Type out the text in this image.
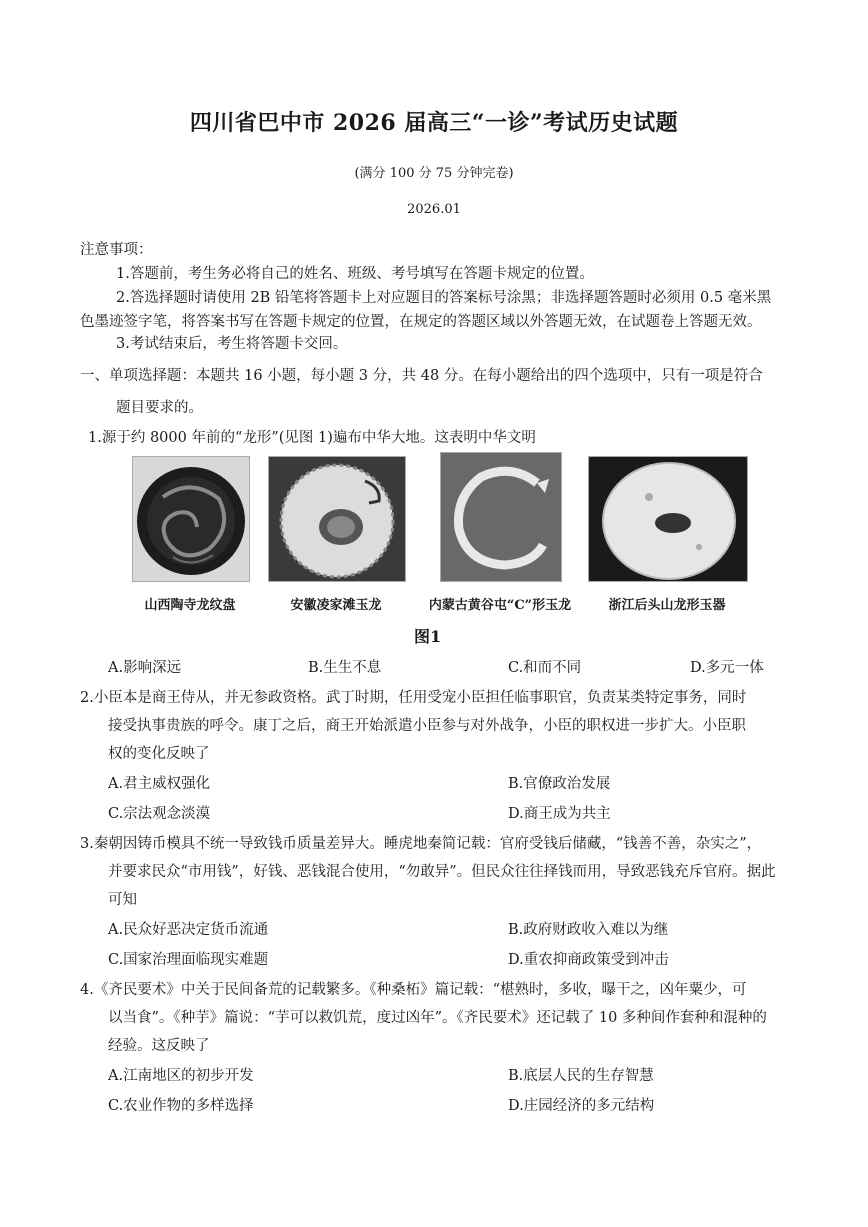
四川省巴中市 2026 届高三“一诊”考试历史试题
(满分 100 分 75 分钟完卷)
2026.01
注意事项：
1.答题前，考生务必将自己的姓名、班级、考号填写在答题卡规定的位置。
2.答选择题时请使用 2B 铅笔将答题卡上对应题目的答案标号涂黑；非选择题答题时必须用 0.5 毫米黑
色墨迹签字笔，将答案书写在答题卡规定的位置，在规定的答题区域以外答题无效，在试题卷上答题无效。
3.考试结束后，考生将答题卡交回。
一、单项选择题：本题共 16 小题，每小题 3 分，共 48 分。在每小题给出的四个选项中，只有一项是符合
题目要求的。
1.源于约 8000 年前的“龙形”(见图 1)遍布中华大地。这表明中华文明
山西陶寺龙纹盘	安徽凌家滩玉龙	内蒙古黄谷屯“C”形玉龙	浙江后头山龙形玉器
图1
A.影响深远	B.生生不息	C.和而不同	D.多元一体
2.小臣本是商王侍从，并无参政资格。武丁时期，任用受宠小臣担任临事职官，负责某类特定事务，同时
接受执事贵族的呼令。康丁之后，商王开始派遣小臣参与对外战争，小臣的职权进一步扩大。小臣职
权的变化反映了
A.君主威权强化	B.官僚政治发展
C.宗法观念淡漠	D.商王成为共主
3.秦朝因铸币模具不统一导致钱币质量差异大。睡虎地秦简记载：官府受钱后储藏，“钱善不善，杂实之”，
并要求民众“市用钱”，好钱、恶钱混合使用，“勿敢异”。但民众往往择钱而用，导致恶钱充斥官府。据此
可知
A.民众好恶决定货币流通	B.政府财政收入难以为继
C.国家治理面临现实难题	D.重农抑商政策受到冲击
4.《齐民要术》中关于民间备荒的记载繁多。《种桑柘》篇记载：“椹熟时，多收，曝干之，凶年粟少，可
以当食”。《种芋》篇说：“芋可以救饥荒，度过凶年”。《齐民要术》还记载了 10 多种间作套种和混种的
经验。这反映了
A.江南地区的初步开发	B.底层人民的生存智慧
C.农业作物的多样选择	D.庄园经济的多元结构
